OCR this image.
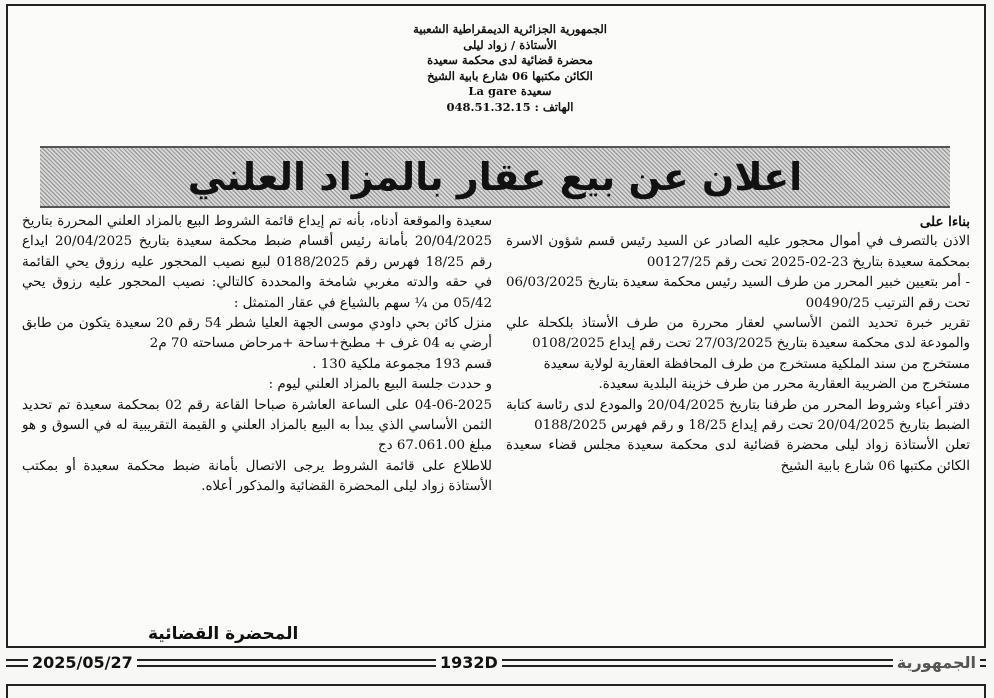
الجمهورية الجزائرية الديمقراطية الشعبية
الأستاذة / زواد ليلى
محضرة قضائية لدى محكمة سعيدة
الكائن مكتبها 06 شارع بابية الشيخ
سعيدة La gare
الهاتف : 048.51.32.15
اعلان عن بيع عقار بالمزاد العلني

بناءا على

الاذن بالتصرف في أموال محجور عليه الصادر عن السيد رئيس قسم شؤون الاسرة بمحكمة سعيدة بتاريخ 23-02-2025 تحت رقم 00127/25

- أمر بتعيين خبير المحرر من طرف السيد رئيس محكمة سعيدة بتاريخ 06/03/2025 تحت رقم الترتيب 00490/25

تقرير خبرة تحديد الثمن الأساسي لعقار محررة من طرف الأستاذ بلكحلة علي والمودعة لدى محكمة سعيدة بتاريخ 27/03/2025 تحت رقم إيداع 0108/2025

مستخرج من سند الملكية مستخرج من طرف المحافظة العقارية لولاية سعيدة

مستخرج من الضريبة العقارية محرر من طرف خزينة البلدية سعيدة.

دفتر أعباء وشروط المحرر من طرفنا بتاريخ 20/04/2025 والمودع لدى رئاسة كتابة الضبط بتاريخ 20/04/2025 تحت رقم إيداع 18/25 و رقم فهرس 0188/2025

تعلن الأستاذة زواد ليلى محضرة قضائية لدى محكمة سعيدة مجلس قضاء سعيدة الكائن مكتبها 06 شارع بابية الشيخ

سعيدة والموقعة أدناه، بأنه تم إيداع قائمة الشروط البيع بالمزاد العلني المحررة بتاريخ 20/04/2025 بأمانة رئيس أقسام ضبط محكمة سعيدة بتاريخ 20/04/2025 ايداع رقم 18/25 فهرس رقم 0188/2025 لبيع نصيب المحجور عليه رزوق يحي القائمة في حقه والدته مغربي شامخة والمحددة كالتالي: نصيب المحجور عليه رزوق يحي 05/42 من ¼ سهم بالشياع في عقار المتمثل :

منزل كائن بحي داودي موسى الجهة العليا شطر 54 رقم 20 سعيدة يتكون من طابق أرضي به 04 غرف + مطبخ+ساحة +مرحاض مساحته 70 م2

قسم 193 مجموعة ملكية 130 .

و حددت جلسة البيع بالمزاد العلني ليوم :

04-06-2025 على الساعة العاشرة صباحا القاعة رقم 02 بمحكمة سعيدة تم تحديد الثمن الأساسي الذي يبدأ به البيع بالمزاد العلني و القيمة التقريبية له في السوق و هو مبلغ 67.061.00 دج

للاطلاع على قائمة الشروط يرجى الاتصال بأمانة ضبط محكمة سعيدة أو بمكتب الأستاذة زواد ليلى المحضرة القضائية والمذكور أعلاه.

المحضرة القضائية
2025/05/27	1932D	الجمهورية
